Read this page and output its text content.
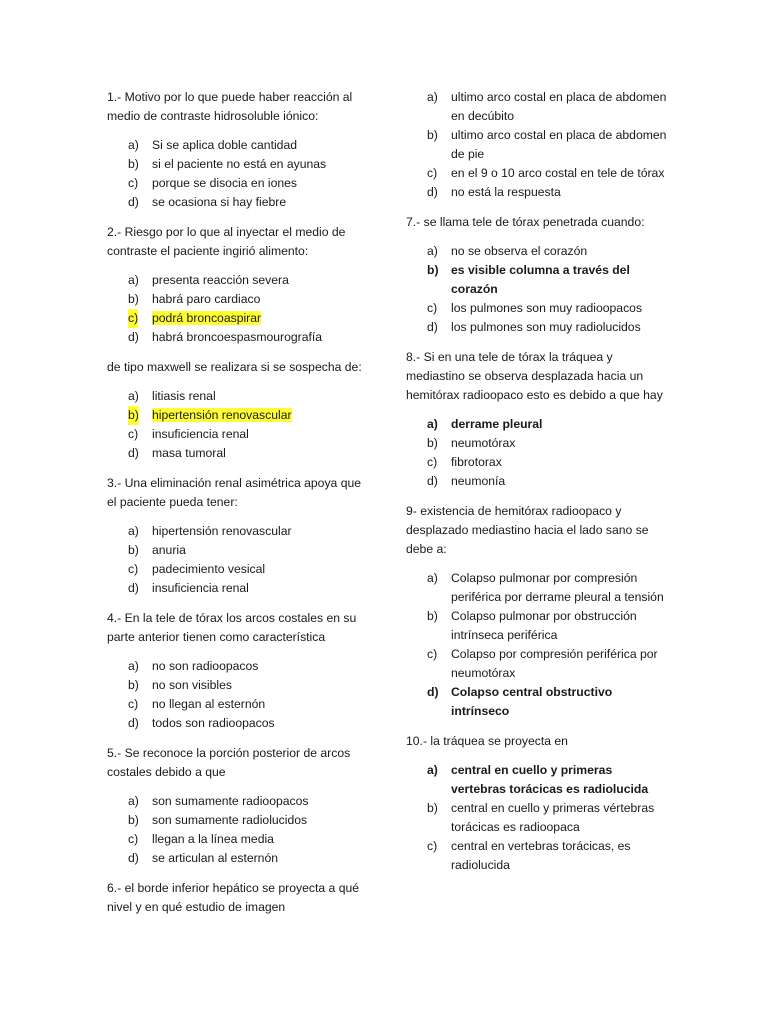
1.- Motivo por lo que puede haber reacción al medio de contraste hidrosoluble iónico:

a) Si se aplica doble cantidad
b) si el paciente no está en ayunas
c) porque se disocia en iones
d) se ocasiona si hay fiebre

2.- Riesgo por lo que al inyectar el medio de contraste el paciente ingirió alimento:

a) presenta reacción severa
b) habrá paro cardiaco
c) podrá broncoaspirar
d) habrá broncoespasmourografía

de tipo maxwell se realizara si se sospecha de:

a) litiasis renal
b) hipertensión renovascular
c) insuficiencia renal
d) masa tumoral

3.- Una eliminación renal asimétrica apoya que el paciente pueda tener:

a) hipertensión renovascular
b) anuria
c) padecimiento vesical
d) insuficiencia renal

4.- En la tele de tórax los arcos costales en su parte anterior tienen como característica

a) no son radioopacos
b) no son visibles
c) no llegan al esternón
d) todos son radioopacos

5.- Se reconoce la porción posterior de arcos costales debido a que

a) son sumamente radioopacos
b) son sumamente radiolucidos
c) llegan a la línea media
d) se articulan al esternón

6.- el borde inferior hepático se proyecta a qué nivel y en qué estudio de imagen

a) ultimo arco costal en placa de abdomen en decúbito
b) ultimo arco costal en placa de abdomen de pie
c) en el 9 o 10 arco costal en tele de tórax
d) no está la respuesta

7.- se llama tele de tórax penetrada cuando:

a) no se observa el corazón
b) es visible columna a través del corazón
c) los pulmones son muy radioopacos
d) los pulmones son muy radiolucidos

8.- Si en una tele de tórax la tráquea y mediastino se observa desplazada hacia un hemitórax radioopaco esto es debido a que hay

a) derrame pleural
b) neumotórax
c) fibrotorax
d) neumonía

9- existencia de hemitórax radioopaco y desplazado mediastino hacia el lado sano se debe a:

a) Colapso pulmonar por compresión periférica por derrame pleural a tensión
b) Colapso pulmonar por obstrucción intrínseca periférica
c) Colapso por compresión periférica por neumotórax
d) Colapso central obstructivo intrínseco

10.- la tráquea se proyecta en

a) central en cuello y primeras vertebras torácicas es radiolucida
b) central en cuello y primeras vértebras torácicas es radioopaca
c) central en vertebras torácicas, es radiolucida
